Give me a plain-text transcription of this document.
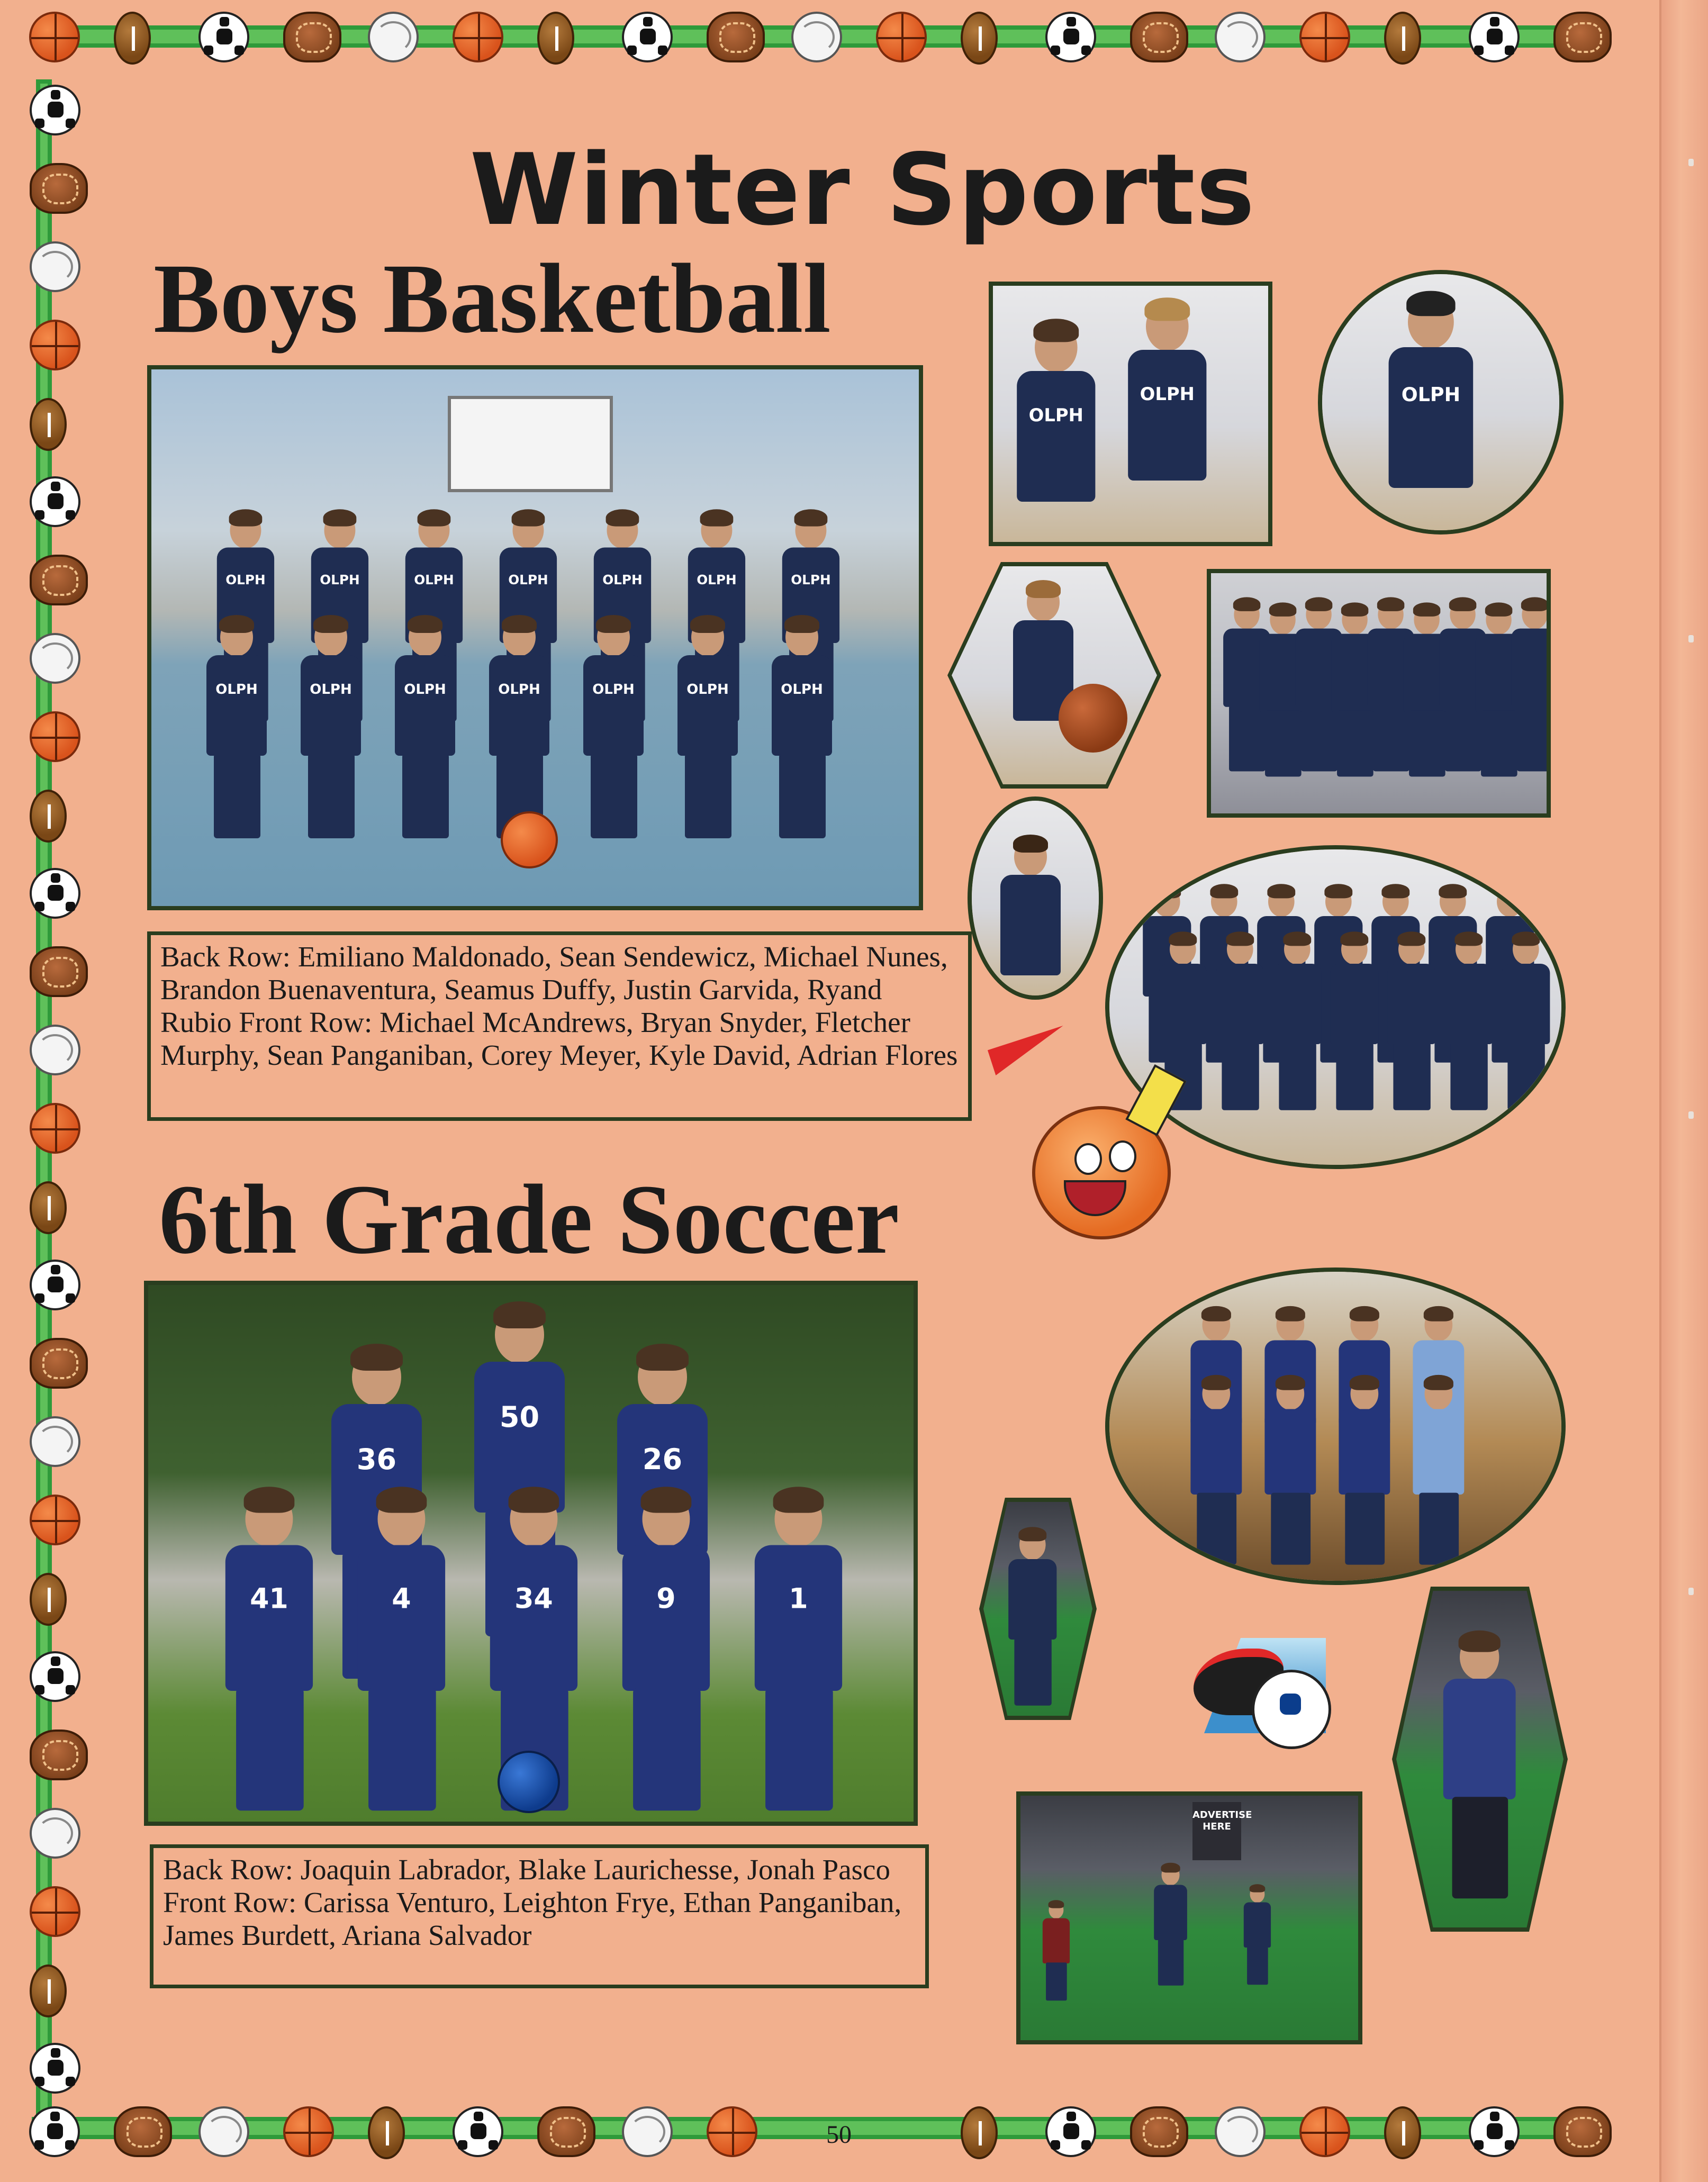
Winter Sports
Boys Basketball
OLPH	OLPH	OLPH	OLPH	OLPH	OLPH	OLPH
OLPH	OLPH	OLPH	OLPH	OLPH	OLPH	OLPH
OLPH
OLPH	OLPH
Back Row: Emiliano Maldonado, Sean Sendewicz, Michael Nunes, Brandon Buenaventura, Seamus Duffy, Justin Garvida, Ryand Rubio Front Row: Michael McAndrews, Bryan Snyder, Fletcher Murphy, Sean Panganiban, Corey Meyer, Kyle David, Adrian Flores
6th Grade Soccer
36
50
26
41	4	34	9	1
ADVERTISE HERE
Back Row: Joaquin Labrador, Blake Laurichesse, Jonah Pasco Front Row: Carissa Venturo, Leighton Frye, Ethan Panganiban, James Burdett, Ariana Salvador
50
